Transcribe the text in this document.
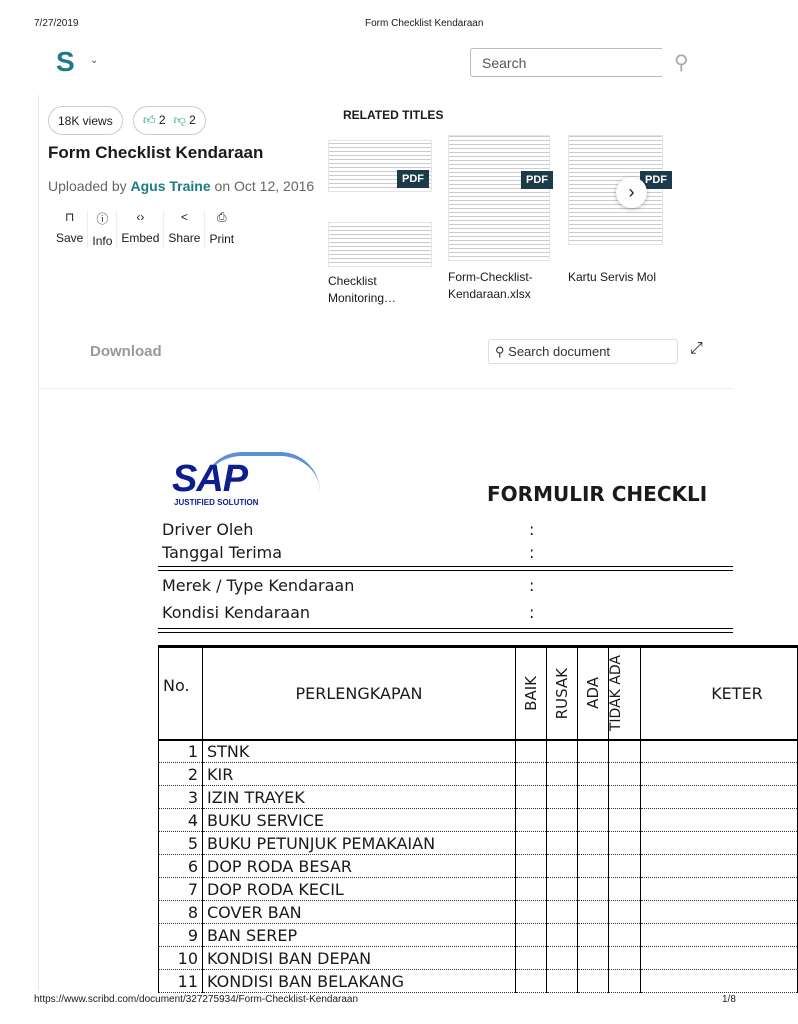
7/27/2019	Form Checklist Kendaraan
S ⌄	Search	⚲
18K views	👍︎ 2 👎︎ 2
Form Checklist Kendaraan
Uploaded by Agus Traine on Oct 12, 2016
⊓
Save
ⓘ
Info
‹›
Embed
<
Share
⎙
Print
RELATED TITLES
PDF
Checklist Monitoring…
PDF
Form-Checklist-Kendaraan.xlsx
PDF
Kartu Servis Mol
›
Download	⚲ Search document	⤢
SAP
JUSTIFIED SOLUTION	FORMULIR CHECKLI
Driver Oleh	:
Tanggal Terima	:
Merek / Type Kendaraan	:
Kondisi Kendaraan	:
No.	PERLENGKAPAN	BAIK	RUSAK	ADA	TIDAK ADA	KETER
1	STNK					
2	KIR					
3	IZIN TRAYEK					
4	BUKU SERVICE					
5	BUKU PETUNJUK PEMAKAIAN					
6	DOP RODA BESAR					
7	DOP RODA KECIL					
8	COVER BAN					
9	BAN SEREP					
10	KONDISI BAN DEPAN					
11	KONDISI BAN BELAKANG					
https://www.scribd.com/document/327275934/Form-Checklist-Kendaraan	1/8
